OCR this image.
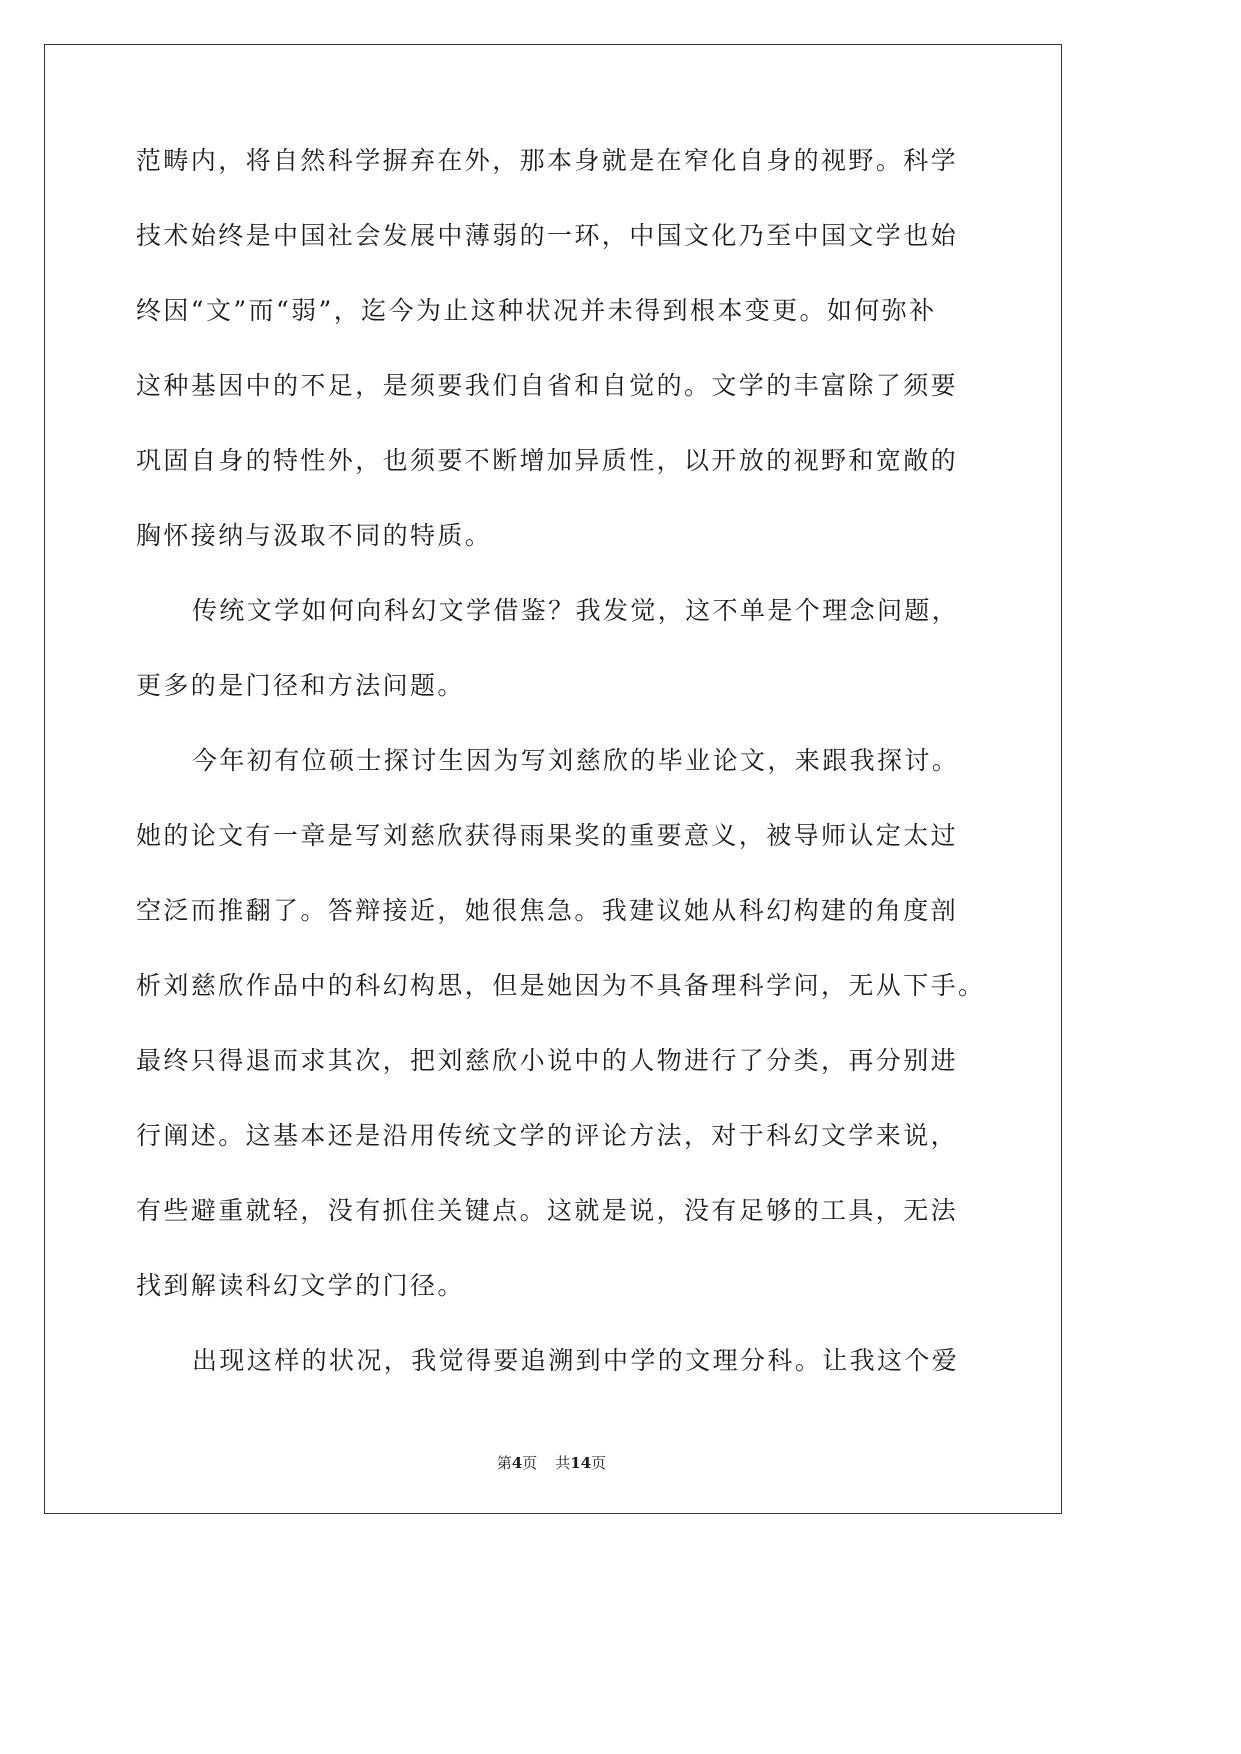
范畴内，将自然科学摒弃在外，那本身就是在窄化自身的视野。科学
技术始终是中国社会发展中薄弱的一环，中国文化乃至中国文学也始
终因“文”而“弱”，迄今为止这种状况并未得到根本变更。如何弥补
这种基因中的不足，是须要我们自省和自觉的。文学的丰富除了须要
巩固自身的特性外，也须要不断增加异质性，以开放的视野和宽敞的
胸怀接纳与汲取不同的特质。
传统文学如何向科幻文学借鉴？我发觉，这不单是个理念问题，
更多的是门径和方法问题。
今年初有位硕士探讨生因为写刘慈欣的毕业论文，来跟我探讨。
她的论文有一章是写刘慈欣获得雨果奖的重要意义，被导师认定太过
空泛而推翻了。答辩接近，她很焦急。我建议她从科幻构建的角度剖
析刘慈欣作品中的科幻构思，但是她因为不具备理科学问，无从下手。
最终只得退而求其次，把刘慈欣小说中的人物进行了分类，再分别进
行阐述。这基本还是沿用传统文学的评论方法，对于科幻文学来说，
有些避重就轻，没有抓住关键点。这就是说，没有足够的工具，无法
找到解读科幻文学的门径。
出现这样的状况，我觉得要追溯到中学的文理分科。让我这个爱
第4页 共14页
